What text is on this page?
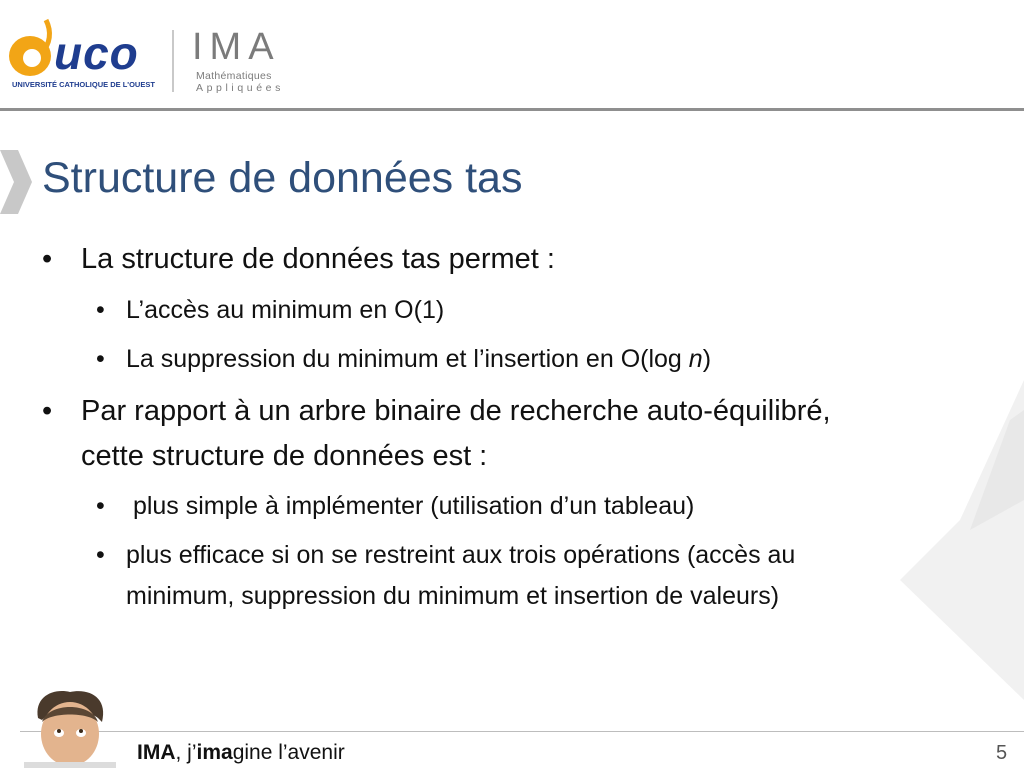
uco
UNIVERSITÉ CATHOLIQUE DE L'OUEST
IMA
Mathématiques
Appliquées
Structure de données tas
• La structure de données tas permet :
• L’accès au minimum en O(1)
• La suppression du minimum et l’insertion en O(log n)
• Par rapport à un arbre binaire de recherche auto-équilibré,
cette structure de données est :
• plus simple à implémenter (utilisation d’un tableau)
• plus efficace si on se restreint aux trois opérations (accès au
minimum, suppression du minimum et insertion de valeurs)
IMA, j’imagine l’avenir	5
